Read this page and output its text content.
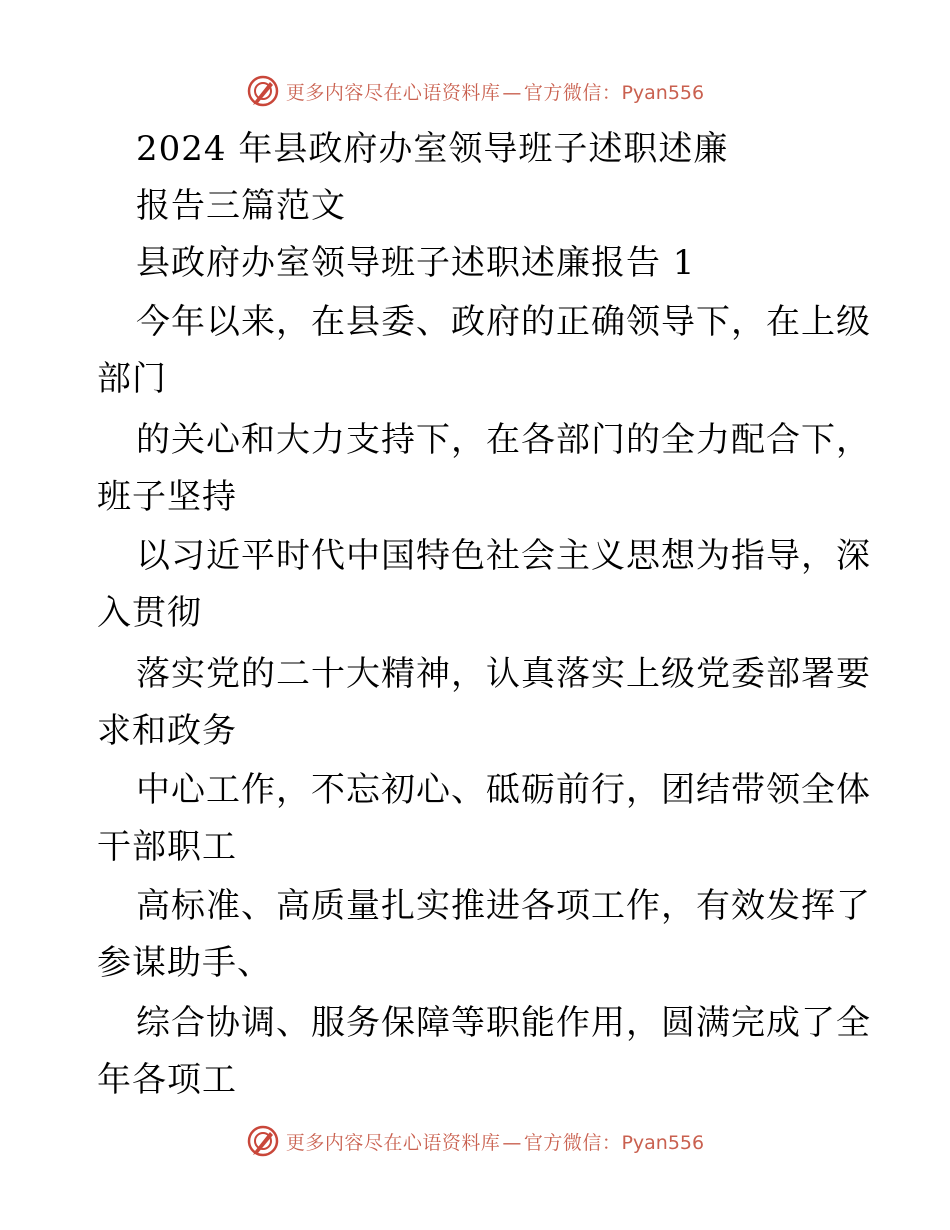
更多内容尽在心语资料库 — 官方微信：Pyan556
2024 年县政府办室领导班子述职述廉
报告三篇范文
县政府办室领导班子述职述廉报告 1
今年以来，在县委、政府的正确领导下，在上级
部门
的关心和大力支持下，在各部门的全力配合下，
班子坚持
以习近平时代中国特色社会主义思想为指导，深
入贯彻
落实党的二十大精神，认真落实上级党委部署要
求和政务
中心工作，不忘初心、砥砺前行，团结带领全体
干部职工
高标准、高质量扎实推进各项工作，有效发挥了
参谋助手、
综合协调、服务保障等职能作用，圆满完成了全
年各项工
更多内容尽在心语资料库 — 官方微信：Pyan556
